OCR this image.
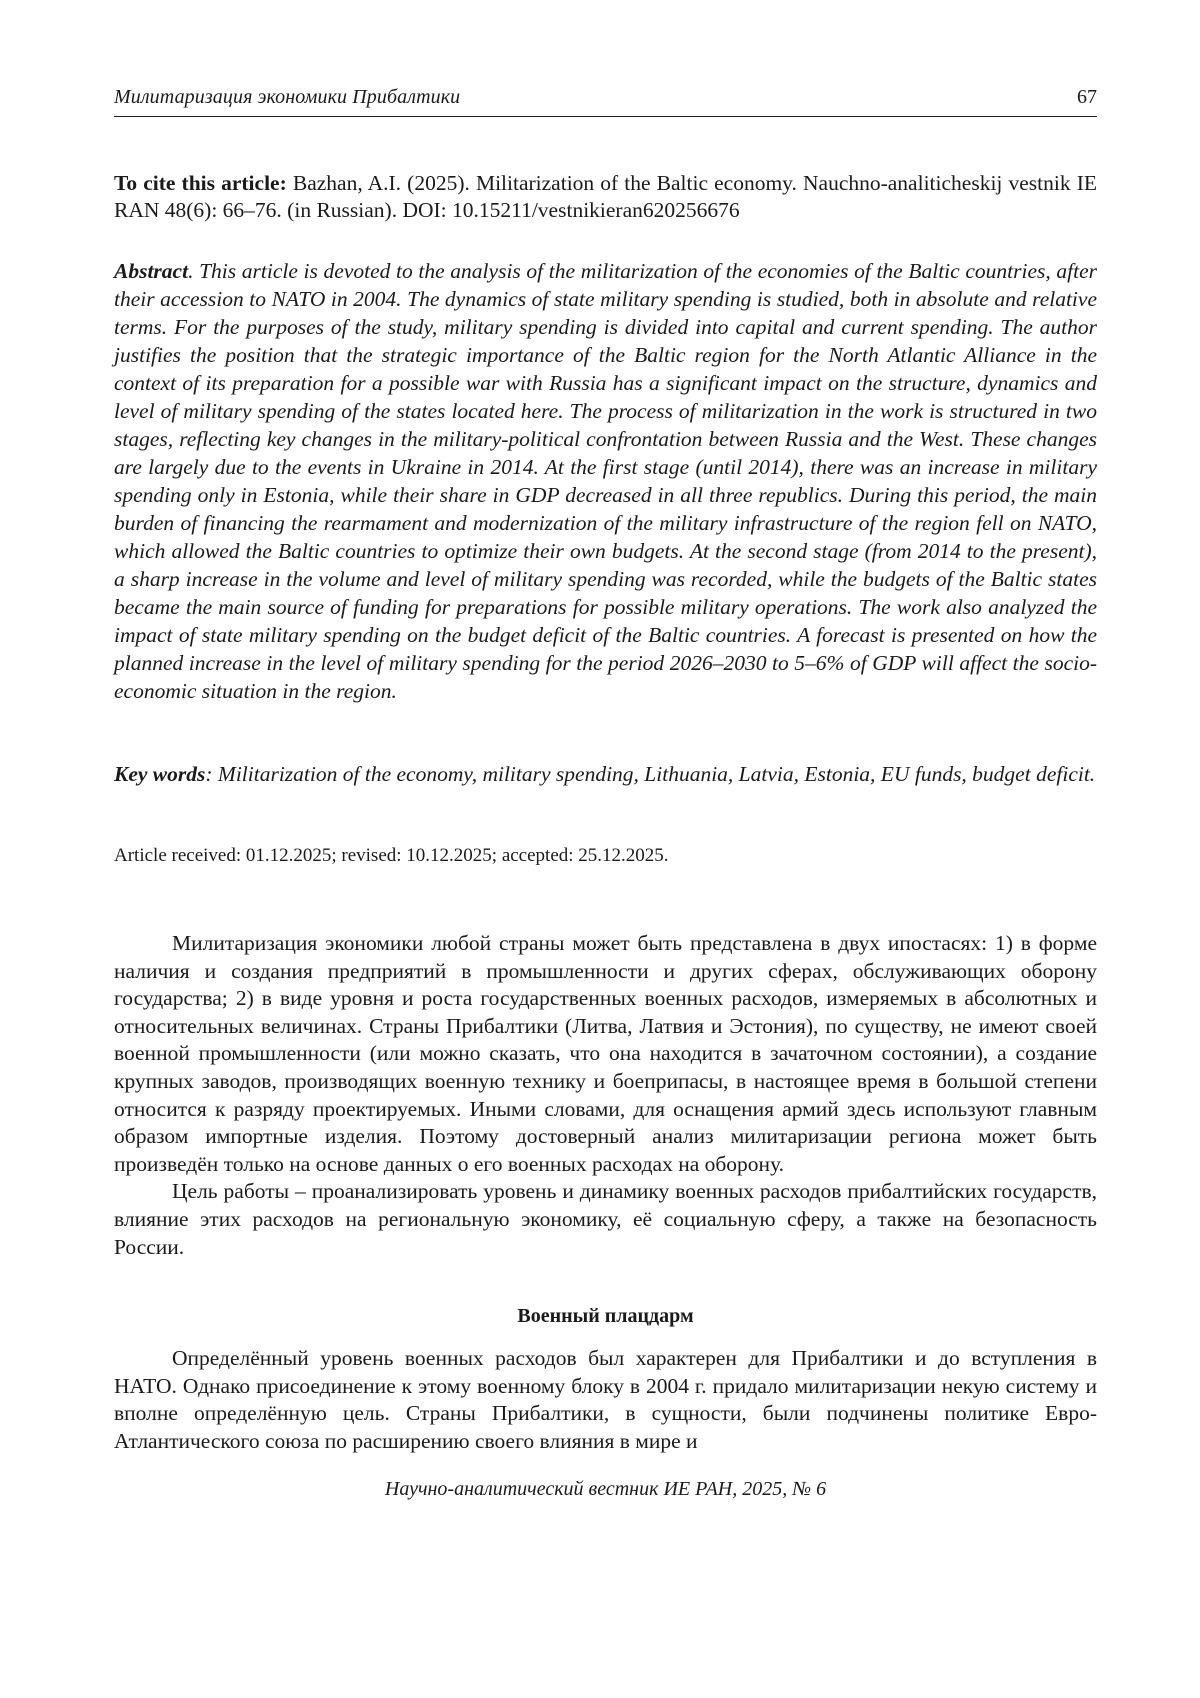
Милитаризация экономики Прибалтики	67
To cite this article: Bazhan, A.I. (2025). Militarization of the Baltic economy. Nauchno-analiticheskij vestnik IE RAN 48(6): 66–76. (in Russian). DOI: 10.15211/vestnikieran620256676
Abstract. This article is devoted to the analysis of the militarization of the economies of the Baltic countries, after their accession to NATO in 2004. The dynamics of state military spending is studied, both in absolute and relative terms. For the purposes of the study, military spending is divided into capital and current spending. The author justifies the position that the strategic importance of the Baltic region for the North Atlantic Alliance in the context of its preparation for a possible war with Russia has a significant impact on the structure, dynamics and level of military spending of the states located here. The process of militarization in the work is structured in two stages, reflecting key changes in the military-political confrontation between Russia and the West. These changes are largely due to the events in Ukraine in 2014. At the first stage (until 2014), there was an increase in military spending only in Estonia, while their share in GDP decreased in all three republics. During this period, the main burden of financing the rearmament and modernization of the military infrastructure of the region fell on NATO, which allowed the Baltic countries to optimize their own budgets. At the second stage (from 2014 to the present), a sharp increase in the volume and level of military spending was recorded, while the budgets of the Baltic states became the main source of funding for preparations for possible military operations. The work also analyzed the impact of state military spending on the budget deficit of the Baltic countries. A forecast is presented on how the planned increase in the level of military spending for the period 2026–2030 to 5–6% of GDP will affect the socio-economic situation in the region.
Key words: Militarization of the economy, military spending, Lithuania, Latvia, Estonia, EU funds, budget deficit.
Article received: 01.12.2025; revised: 10.12.2025; accepted: 25.12.2025.

Милитаризация экономики любой страны может быть представлена в двух ипостасях: 1) в форме наличия и создания предприятий в промышленности и других сферах, обслуживающих оборону государства; 2) в виде уровня и роста государственных военных расходов, измеряемых в абсолютных и относительных величинах. Страны Прибалтики (Литва, Латвия и Эстония), по существу, не имеют своей военной промышленности (или можно сказать, что она находится в зачаточном состоянии), а создание крупных заводов, производящих военную технику и боеприпасы, в настоящее время в большой степени относится к разряду проектируемых. Иными словами, для оснащения армий здесь используют главным образом импортные изделия. Поэтому достоверный анализ милитаризации региона может быть произведён только на основе данных о его военных расходах на оборону.

Цель работы – проанализировать уровень и динамику военных расходов прибалтийских государств, влияние этих расходов на региональную экономику, её социальную сферу, а также на безопасность России.

Военный плацдарм

Определённый уровень военных расходов был характерен для Прибалтики и до вступления в НАТО. Однако присоединение к этому военному блоку в 2004 г. придало милитаризации некую систему и вполне определённую цель. Страны Прибалтики, в сущности, были подчинены политике Евро-Атлантического союза по расширению своего влияния в мире и

Научно-аналитический вестник ИЕ РАН, 2025, № 6
